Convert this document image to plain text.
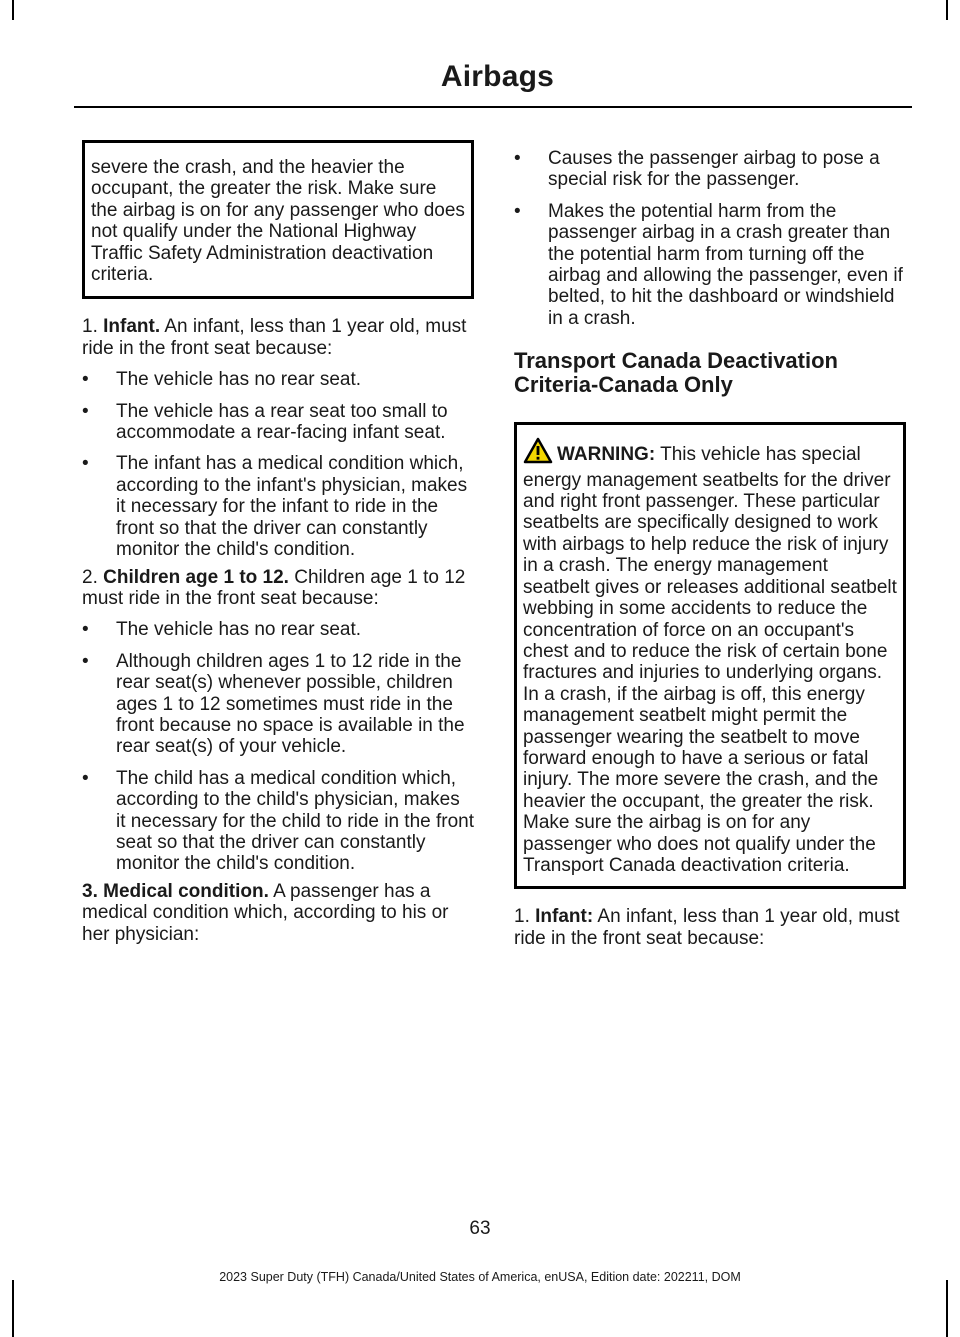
Airbags

severe the crash, and the heavier the occupant, the greater the risk. Make sure the airbag is on for any passenger who does not qualify under the National Highway Traffic Safety Administration deactivation criteria.

1. Infant. An infant, less than 1 year old, must ride in the front seat because:

• The vehicle has no rear seat.
• The vehicle has a rear seat too small to accommodate a rear-facing infant seat.
• The infant has a medical condition which, according to the infant's physician, makes it necessary for the infant to ride in the front so that the driver can constantly monitor the child's condition.

2. Children age 1 to 12. Children age 1 to 12 must ride in the front seat because:

• The vehicle has no rear seat.
• Although children ages 1 to 12 ride in the rear seat(s) whenever possible, children ages 1 to 12 sometimes must ride in the front because no space is available in the rear seat(s) of your vehicle.
• The child has a medical condition which, according to the child's physician, makes it necessary for the child to ride in the front seat so that the driver can constantly monitor the child's condition.

3. Medical condition. A passenger has a medical condition which, according to his or her physician:

• Causes the passenger airbag to pose a special risk for the passenger.
• Makes the potential harm from the passenger airbag in a crash greater than the potential harm from turning off the airbag and allowing the passenger, even if belted, to hit the dashboard or windshield in a crash.
Transport Canada Deactivation Criteria-Canada Only

WARNING: This vehicle has special energy management seatbelts for the driver and right front passenger. These particular seatbelts are specifically designed to work with airbags to help reduce the risk of injury in a crash. The energy management seatbelt gives or releases additional seatbelt webbing in some accidents to reduce the concentration of force on an occupant's chest and to reduce the risk of certain bone fractures and injuries to underlying organs. In a crash, if the airbag is off, this energy management seatbelt might permit the passenger wearing the seatbelt to move forward enough to have a serious or fatal injury. The more severe the crash, and the heavier the occupant, the greater the risk. Make sure the airbag is on for any passenger who does not qualify under the Transport Canada deactivation criteria.

1. Infant: An infant, less than 1 year old, must ride in the front seat because:

63
2023 Super Duty (TFH) Canada/United States of America, enUSA, Edition date: 202211, DOM
